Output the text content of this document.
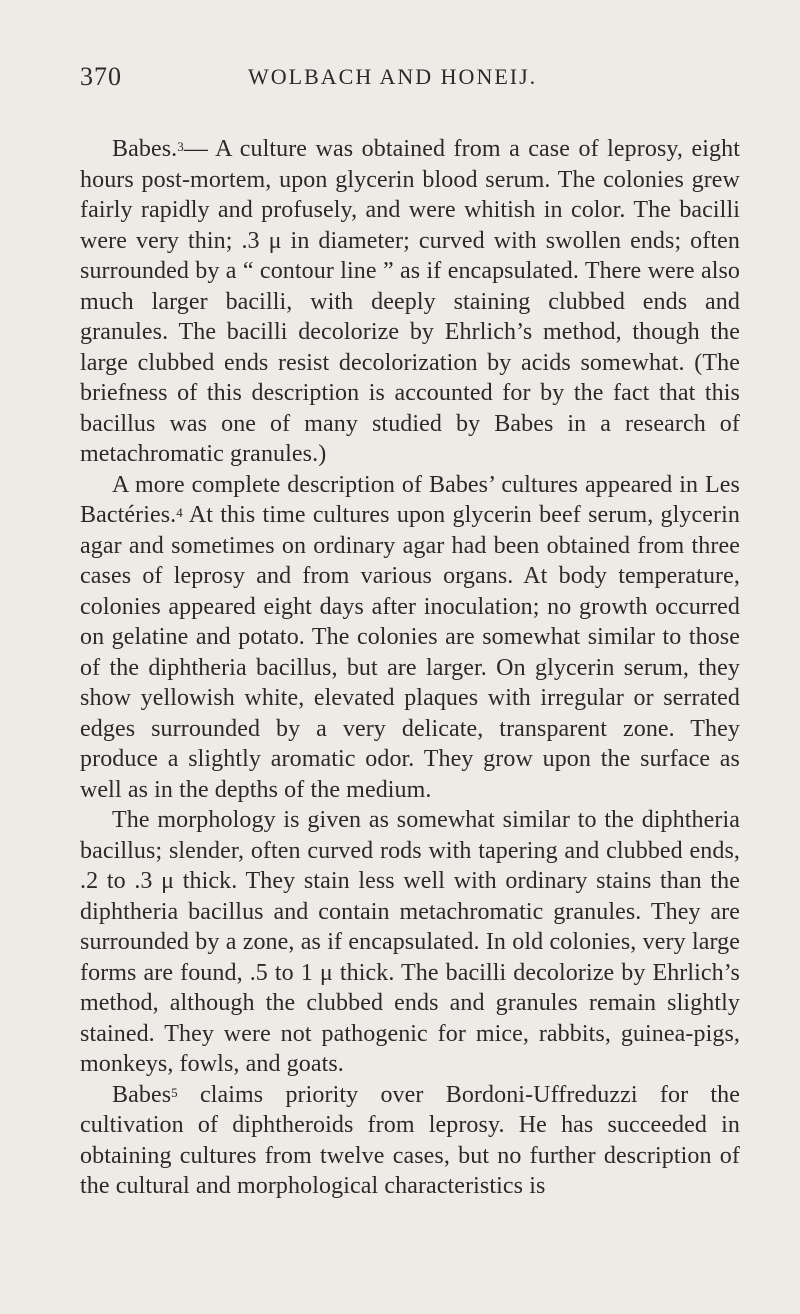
370	WOLBACH AND HONEIJ.

Babes.$^3$— A culture was obtained from a case of leprosy, eight hours post-mortem, upon glycerin blood serum. The colonies grew fairly rapidly and profusely, and were whitish in color. The bacilli were very thin; .3 μ in diameter; curved with swollen ends; often surrounded by a “ contour line ” as if encapsulated. There were also much larger bacilli, with deeply staining clubbed ends and granules. The bacilli decolorize by Ehrlich’s method, though the large clubbed ends resist decolorization by acids somewhat. (The briefness of this description is accounted for by the fact that this bacillus was one of many studied by Babes in a research of metachromatic granules.)

A more complete description of Babes’ cultures appeared in Les Bactéries.$^4$ At this time cultures upon glycerin beef serum, glycerin agar and sometimes on ordinary agar had been obtained from three cases of leprosy and from various organs. At body temperature, colonies appeared eight days after inoculation; no growth occurred on gelatine and potato. The colonies are somewhat similar to those of the diphtheria bacillus, but are larger. On glycerin serum, they show yellowish white, elevated plaques with irregular or serrated edges surrounded by a very delicate, transparent zone. They produce a slightly aromatic odor. They grow upon the surface as well as in the depths of the medium.

The morphology is given as somewhat similar to the diphtheria bacillus; slender, often curved rods with tapering and clubbed ends, .2 to .3 μ thick. They stain less well with ordinary stains than the diphtheria bacillus and contain metachromatic granules. They are surrounded by a zone, as if encapsulated. In old colonies, very large forms are found, .5 to 1 μ thick. The bacilli decolorize by Ehrlich’s method, although the clubbed ends and granules remain slightly stained. They were not pathogenic for mice, rabbits, guinea-pigs, monkeys, fowls, and goats.

Babes$^5$ claims priority over Bordoni-Uffreduzzi for the cultivation of diphtheroids from leprosy. He has succeeded in obtaining cultures from twelve cases, but no further description of the cultural and morphological characteristics is
